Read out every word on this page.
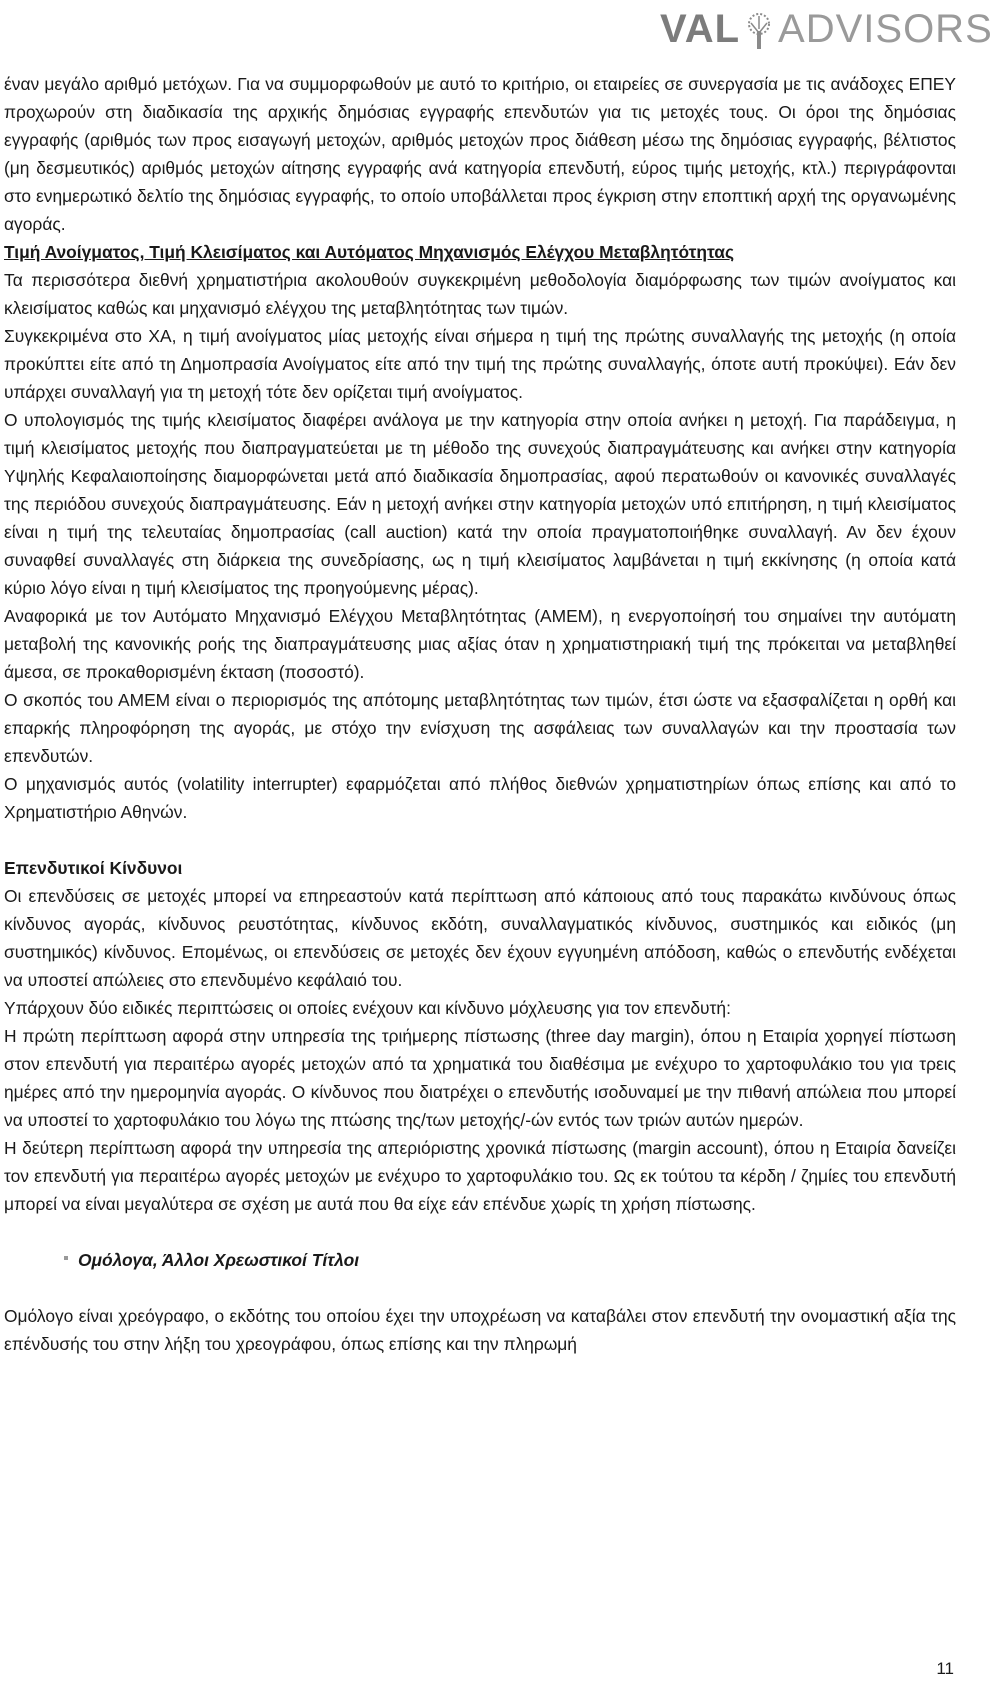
VAL ADVISORS

έναν μεγάλο αριθμό μετόχων. Για να συμμορφωθούν με αυτό το κριτήριο, οι εταιρείες σε συνεργασία με τις ανάδοχες ΕΠΕΥ προχωρούν στη διαδικασία της αρχικής δημόσιας εγγραφής επενδυτών για τις μετοχές τους. Οι όροι της δημόσιας εγγραφής (αριθμός των προς εισαγωγή μετοχών, αριθμός μετοχών προς διάθεση μέσω της δημόσιας εγγραφής, βέλτιστος (μη δεσμευτικός) αριθμός μετοχών αίτησης εγγραφής ανά κατηγορία επενδυτή, εύρος τιμής μετοχής, κτλ.) περιγράφονται στο ενημερωτικό δελτίο της δημόσιας εγγραφής, το οποίο υποβάλλεται προς έγκριση στην εποπτική αρχή της οργανωμένης αγοράς.

Τιμή Ανοίγματος, Τιμή Κλεισίματος και Αυτόματος Μηχανισμός Ελέγχου Μεταβλητότητας

Τα περισσότερα διεθνή χρηματιστήρια ακολουθούν συγκεκριμένη μεθοδολογία διαμόρφωσης των τιμών ανοίγματος και κλεισίματος καθώς και μηχανισμό ελέγχου της μεταβλητότητας των τιμών.

Συγκεκριμένα στο ΧΑ, η τιμή ανοίγματος μίας μετοχής είναι σήμερα η τιμή της πρώτης συναλλαγής της μετοχής (η οποία προκύπτει είτε από τη Δημοπρασία Ανοίγματος είτε από την τιμή της πρώτης συναλλαγής, όποτε αυτή προκύψει). Εάν δεν υπάρχει συναλλαγή για τη μετοχή τότε δεν ορίζεται τιμή ανοίγματος.

Ο υπολογισμός της τιμής κλεισίματος διαφέρει ανάλογα με την κατηγορία στην οποία ανήκει η μετοχή. Για παράδειγμα, η τιμή κλεισίματος μετοχής που διαπραγματεύεται με τη μέθοδο της συνεχούς διαπραγμάτευσης και ανήκει στην κατηγορία Υψηλής Κεφαλαιοποίησης διαμορφώνεται μετά από διαδικασία δημοπρασίας, αφού περατωθούν οι κανονικές συναλλαγές της περιόδου συνεχούς διαπραγμάτευσης. Εάν η μετοχή ανήκει στην κατηγορία μετοχών υπό επιτήρηση, η τιμή κλεισίματος είναι η τιμή της τελευταίας δημοπρασίας (call auction) κατά την οποία πραγματοποιήθηκε συναλλαγή. Αν δεν έχουν συναφθεί συναλλαγές στη διάρκεια της συνεδρίασης, ως η τιμή κλεισίματος λαμβάνεται η τιμή εκκίνησης (η οποία κατά κύριο λόγο είναι η τιμή κλεισίματος της προηγούμενης μέρας).

Αναφορικά με τον Αυτόματο Μηχανισμό Ελέγχου Μεταβλητότητας (ΑΜΕΜ), η ενεργοποίησή του σημαίνει την αυτόματη μεταβολή της κανονικής ροής της διαπραγμάτευσης μιας αξίας όταν η χρηματιστηριακή τιμή της πρόκειται να μεταβληθεί άμεσα, σε προκαθορισμένη έκταση (ποσοστό).

Ο σκοπός του ΑΜΕΜ είναι ο περιορισμός της απότομης μεταβλητότητας των τιμών, έτσι ώστε να εξασφαλίζεται η ορθή και επαρκής πληροφόρηση της αγοράς, με στόχο την ενίσχυση της ασφάλειας των συναλλαγών και την προστασία των επενδυτών.

Ο μηχανισμός αυτός (volatility interrupter) εφαρμόζεται από πλήθος διεθνών χρηματιστηρίων όπως επίσης και από το Χρηματιστήριο Αθηνών.

Επενδυτικοί Κίνδυνοι

Οι επενδύσεις σε μετοχές μπορεί να επηρεαστούν κατά περίπτωση από κάποιους από τους παρακάτω κινδύνους όπως κίνδυνος αγοράς, κίνδυνος ρευστότητας, κίνδυνος εκδότη, συναλλαγματικός κίνδυνος, συστημικός και ειδικός (μη συστημικός) κίνδυνος. Επομένως, οι επενδύσεις σε μετοχές δεν έχουν εγγυημένη απόδοση, καθώς ο επενδυτής ενδέχεται να υποστεί απώλειες στο επενδυμένο κεφάλαιό του.

Υπάρχουν δύο ειδικές περιπτώσεις οι οποίες ενέχουν και κίνδυνο μόχλευσης για τον επενδυτή:

Η πρώτη περίπτωση αφορά στην υπηρεσία της τριήμερης πίστωσης (three day margin), όπου η Εταιρία χορηγεί πίστωση στον επενδυτή για περαιτέρω αγορές μετοχών από τα χρηματικά του διαθέσιμα με ενέχυρο το χαρτοφυλάκιο του για τρεις ημέρες από την ημερομηνία αγοράς. Ο κίνδυνος που διατρέχει ο επενδυτής ισοδυναμεί με την πιθανή απώλεια που μπορεί να υποστεί το χαρτοφυλάκιο του λόγω της πτώσης της/των μετοχής/-ών εντός των τριών αυτών ημερών.

Η δεύτερη περίπτωση αφορά την υπηρεσία της απεριόριστης χρονικά πίστωσης (margin account), όπου η Εταιρία δανείζει τον επενδυτή για περαιτέρω αγορές μετοχών με ενέχυρο το χαρτοφυλάκιο του. Ως εκ τούτου τα κέρδη / ζημίες του επενδυτή μπορεί να είναι μεγαλύτερα σε σχέση με αυτά που θα είχε εάν επένδυε χωρίς τη χρήση πίστωσης.

Ομόλογα, Άλλοι Χρεωστικοί Τίτλοι

Ομόλογο είναι χρεόγραφο, ο εκδότης του οποίου έχει την υποχρέωση να καταβάλει στον επενδυτή την ονομαστική αξία της επένδυσής του στην λήξη του χρεογράφου, όπως επίσης και την πληρωμή

11
